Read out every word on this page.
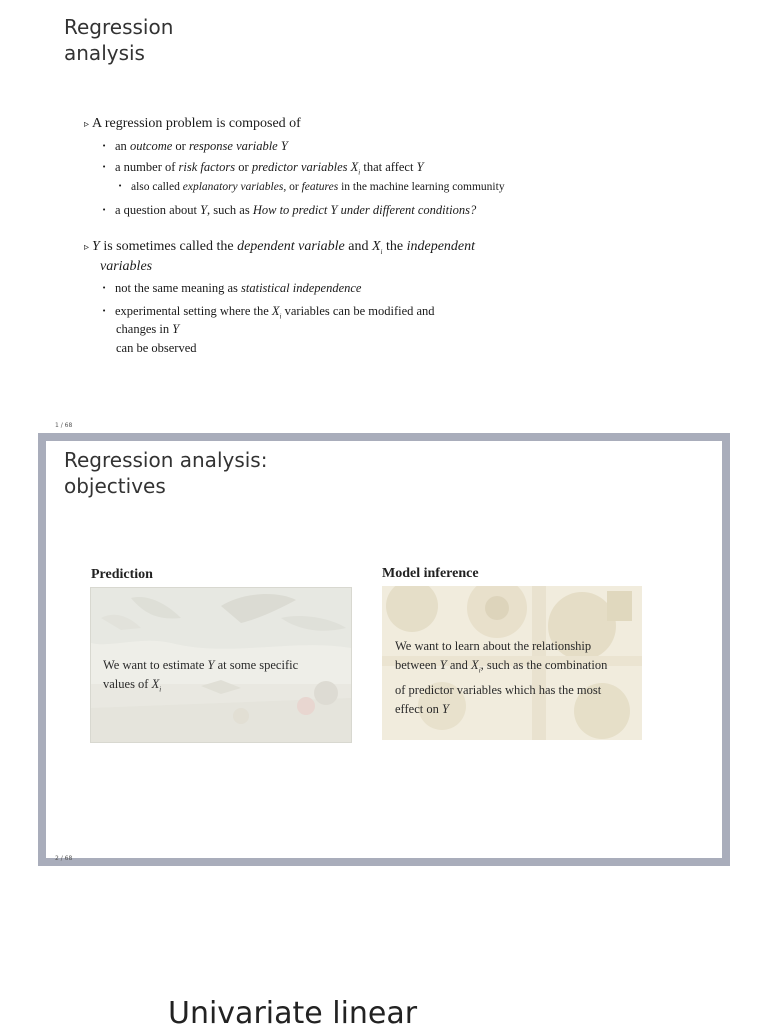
Regression
analysis
▹ A regression problem is composed of
• an outcome or response variable Y
• a number of risk factors or predictor variables $X_i$ that affect Y
• also called explanatory variables, or features in the machine learning community
• a question about Y, such as How to predict Y under different conditions?
▹ Y is sometimes called the dependent variable and $X_i$ the independent
variables
• not the same meaning as statistical independence
• experimental setting where the $X_i$ variables can be modified and
changes in Y
can be observed
1 / 68
Regression analysis:
objectives
Prediction
We want to estimate Y at some specific
values of $X_i$
Model inference
We want to learn about the relationship
between Y and $X_i$, such as the combination
of predictor variables which has the most
effect on Y
2 / 68
Univariate linear
